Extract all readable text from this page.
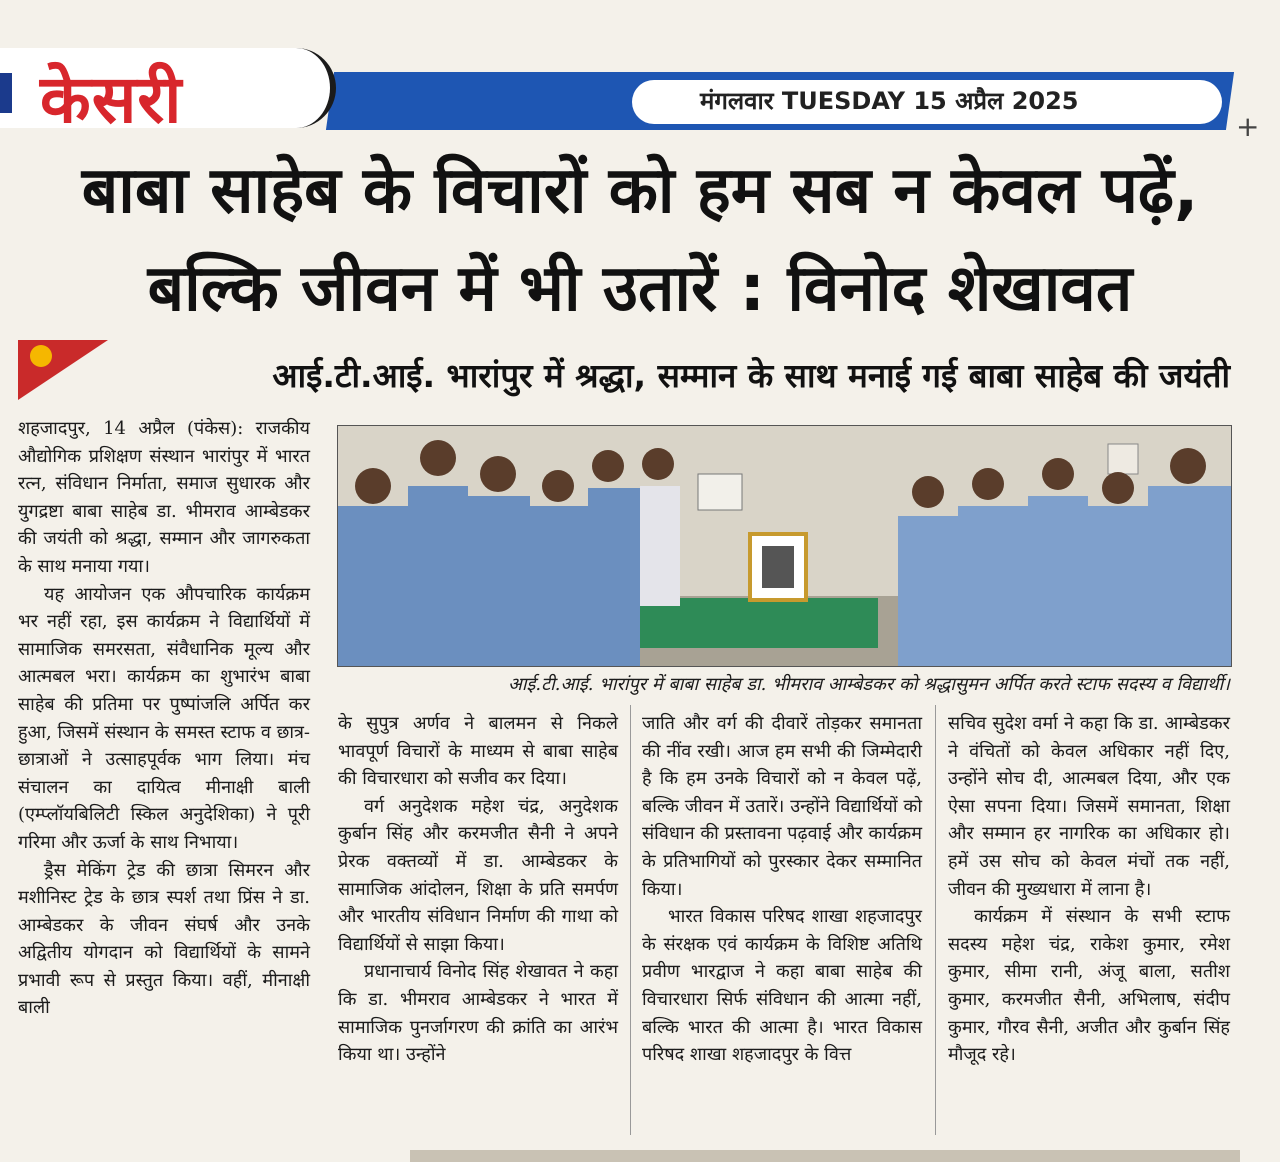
केसरी	मंगलवार TUESDAY 15 अप्रैल 2025
+
बाबा साहेब के विचारों को हम सब न केवल पढ़ें,
बल्कि जीवन में भी उतारें : विनोद शेखावत
आई.टी.आई. भारांपुर में श्रद्धा, सम्मान के साथ मनाई गई बाबा साहेब की जयंती

शहजादपुर, 14 अप्रैल (पंकेस): राजकीय औद्योगिक प्रशिक्षण संस्थान भारांपुर में भारत रत्न, संविधान निर्माता, समाज सुधारक और युगद्रष्टा बाबा साहेब डा. भीमराव आम्बेडकर की जयंती को श्रद्धा, सम्मान और जागरुकता के साथ मनाया गया।

यह आयोजन एक औपचारिक कार्यक्रम भर नहीं रहा, इस कार्यक्रम ने विद्यार्थियों में सामाजिक समरसता, संवैधानिक मूल्य और आत्मबल भरा। कार्यक्रम का शुभारंभ बाबा साहेब की प्रतिमा पर पुष्पांजलि अर्पित कर हुआ, जिसमें संस्थान के समस्त स्टाफ व छात्र-छात्राओं ने उत्साहपूर्वक भाग लिया। मंच संचालन का दायित्व मीनाक्षी बाली (एम्प्लॉयबिलिटी स्किल अनुदेशिका) ने पूरी गरिमा और ऊर्जा के साथ निभाया।

ड्रैस मेकिंग ट्रेड की छात्रा सिमरन और मशीनिस्ट ट्रेड के छात्र स्पर्श तथा प्रिंस ने डा. आम्बेडकर के जीवन संघर्ष और उनके अद्वितीय योगदान को विद्यार्थियों के सामने प्रभावी रूप से प्रस्तुत किया। वहीं, मीनाक्षी बाली

आई.टी.आई. भारांपुर में बाबा साहेब डा. भीमराव आम्बेडकर को श्रद्धासुमन अर्पित करते स्टाफ सदस्य व विद्यार्थी।

के सुपुत्र अर्णव ने बालमन से निकले भावपूर्ण विचारों के माध्यम से बाबा साहेब की विचारधारा को सजीव कर दिया।

वर्ग अनुदेशक महेश चंद्र, अनुदेशक कुर्बान सिंह और करमजीत सैनी ने अपने प्रेरक वक्तव्यों में डा. आम्बेडकर के सामाजिक आंदोलन, शिक्षा के प्रति समर्पण और भारतीय संविधान निर्माण की गाथा को विद्यार्थियों से साझा किया।

प्रधानाचार्य विनोद सिंह शेखावत ने कहा कि डा. भीमराव आम्बेडकर ने भारत में सामाजिक पुनर्जागरण की क्रांति का आरंभ किया था। उन्होंने

जाति और वर्ग की दीवारें तोड़कर समानता की नींव रखी। आज हम सभी की जिम्मेदारी है कि हम उनके विचारों को न केवल पढ़ें, बल्कि जीवन में उतारें। उन्होंने विद्यार्थियों को संविधान की प्रस्तावना पढ़वाई और कार्यक्रम के प्रतिभागियों को पुरस्कार देकर सम्मानित किया।

भारत विकास परिषद शाखा शहजादपुर के संरक्षक एवं कार्यक्रम के विशिष्ट अतिथि प्रवीण भारद्वाज ने कहा बाबा साहेब की विचारधारा सिर्फ संविधान की आत्मा नहीं, बल्कि भारत की आत्मा है। भारत विकास परिषद शाखा शहजादपुर के वित्त

सचिव सुदेश वर्मा ने कहा कि डा. आम्बेडकर ने वंचितों को केवल अधिकार नहीं दिए, उन्होंने सोच दी, आत्मबल दिया, और एक ऐसा सपना दिया। जिसमें समानता, शिक्षा और सम्मान हर नागरिक का अधिकार हो। हमें उस सोच को केवल मंचों तक नहीं, जीवन की मुख्यधारा में लाना है।

कार्यक्रम में संस्थान के सभी स्टाफ सदस्य महेश चंद्र, राकेश कुमार, रमेश कुमार, सीमा रानी, अंजू बाला, सतीश कुमार, करमजीत सैनी, अभिलाष, संदीप कुमार, गौरव सैनी, अजीत और कुर्बान सिंह मौजूद रहे।
